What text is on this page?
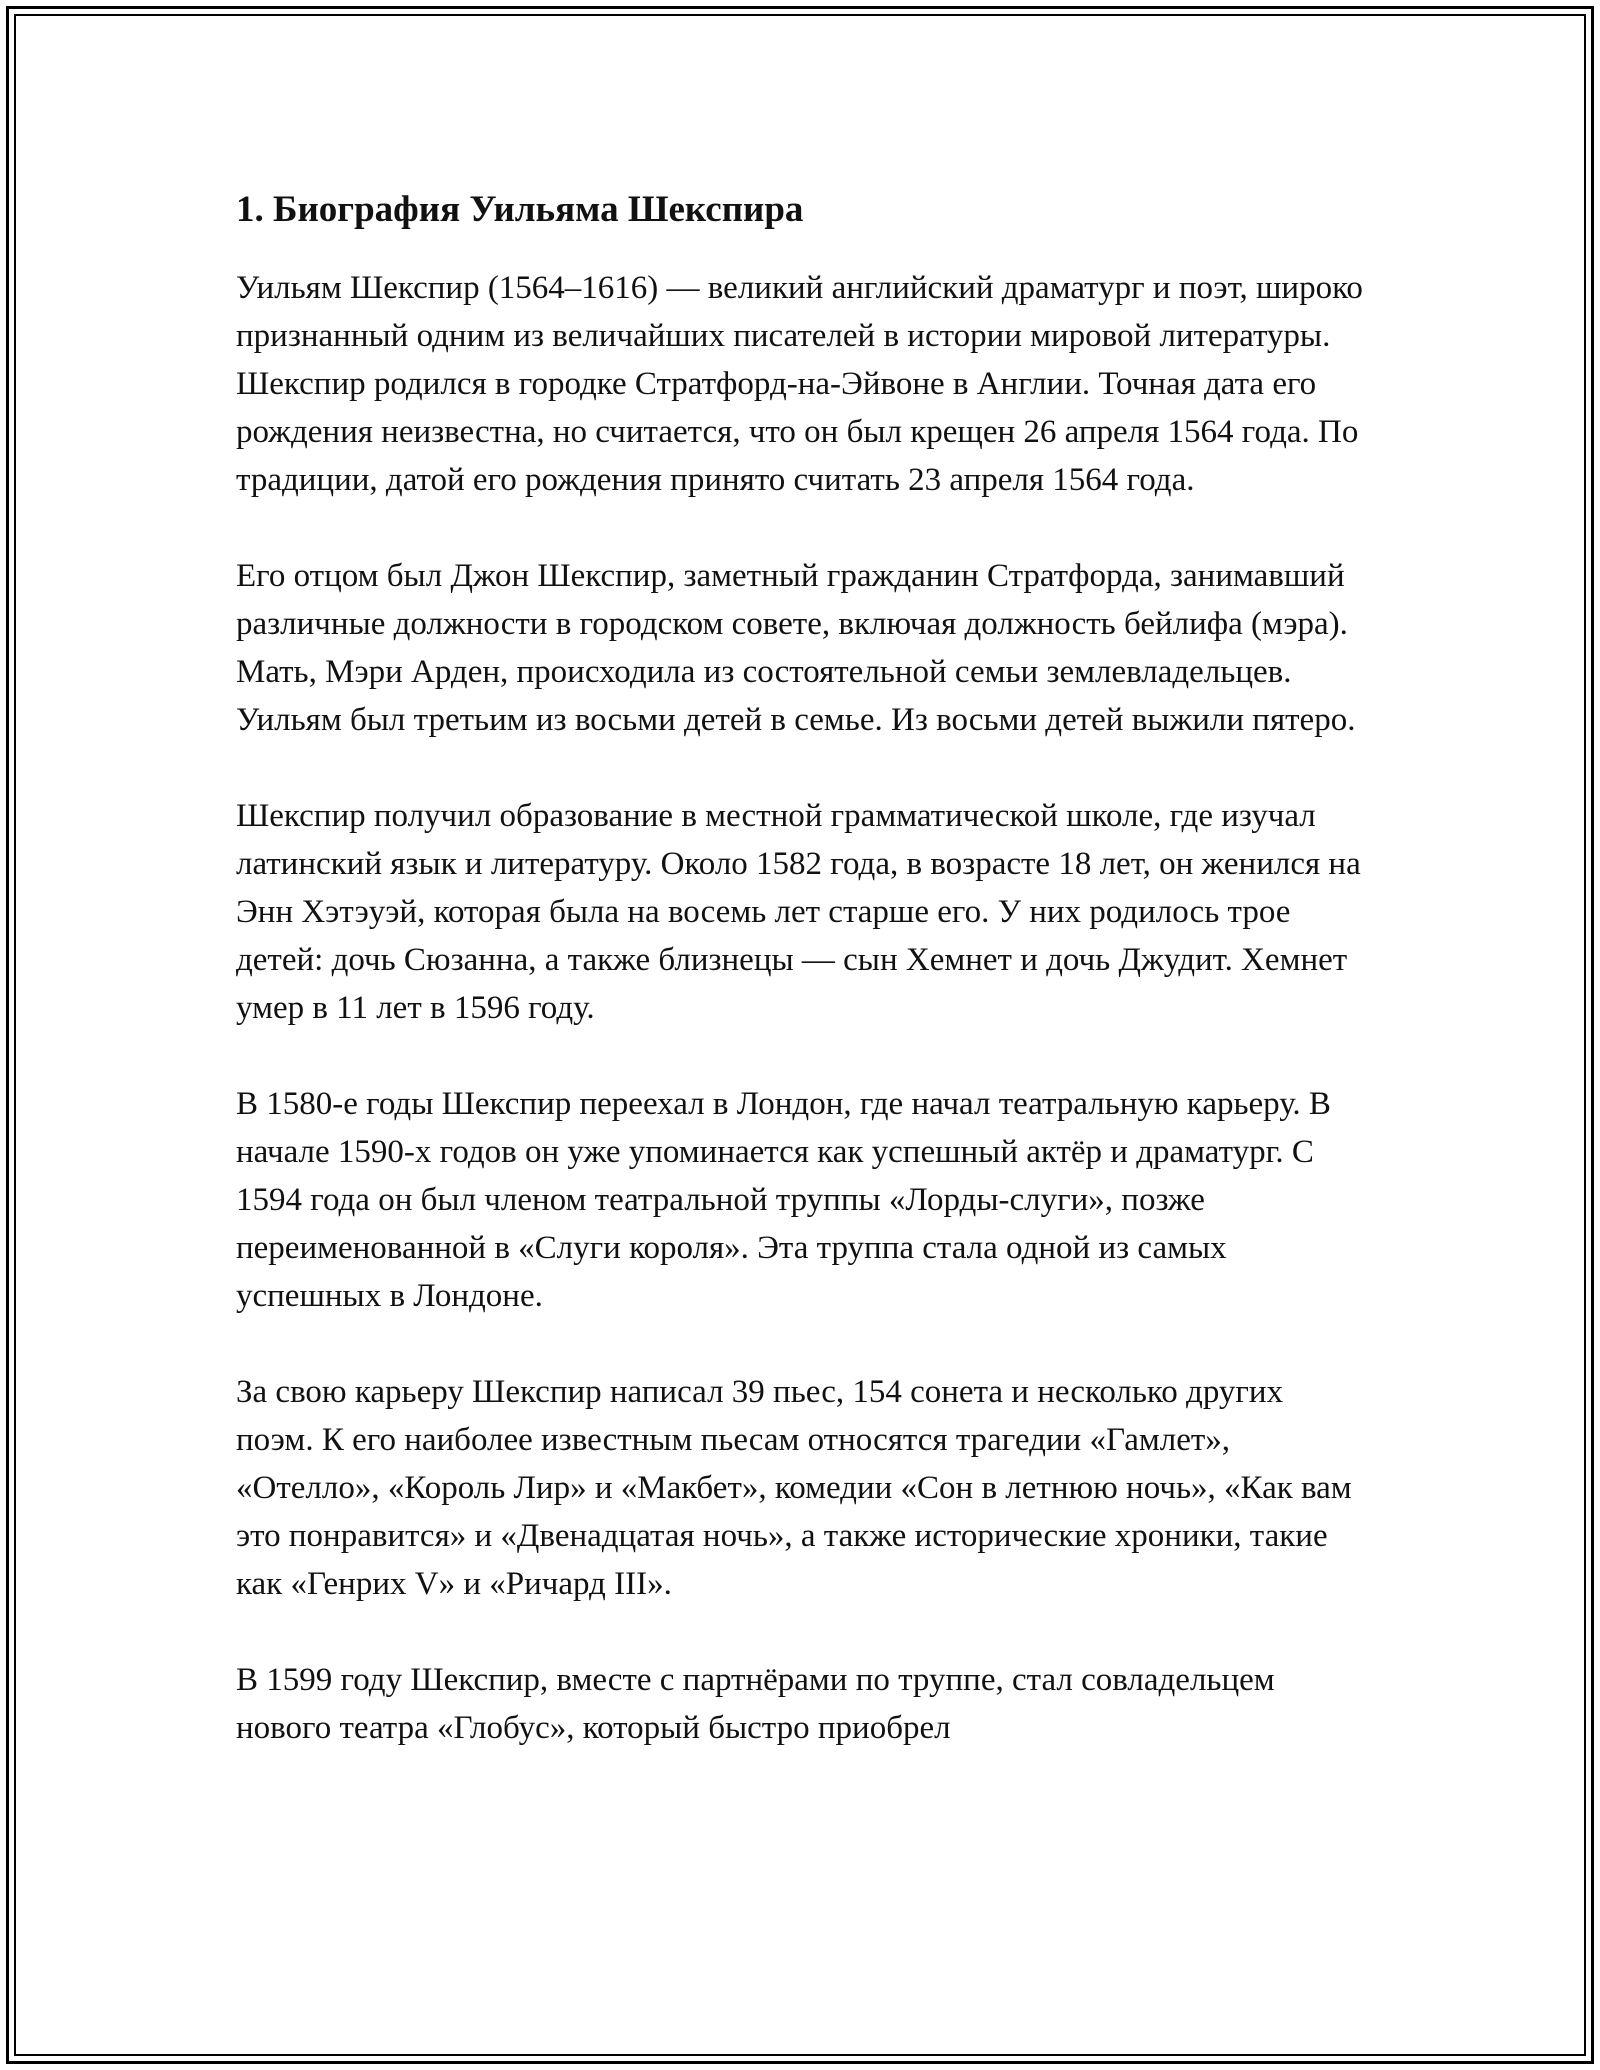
1. Биография Уильяма Шекспира

Уильям Шекспир (1564–1616) — великий английский драматург и поэт, широко признанный одним из величайших писателей в истории мировой литературы. Шекспир родился в городке Стратфорд-на-Эйвоне в Англии. Точная дата его рождения неизвестна, но считается, что он был крещен 26 апреля 1564 года. По традиции, датой его рождения принято считать 23 апреля 1564 года.

Его отцом был Джон Шекспир, заметный гражданин Стратфорда, занимавший различные должности в городском совете, включая должность бейлифа (мэра). Мать, Мэри Арден, происходила из состоятельной семьи землевладельцев. Уильям был третьим из восьми детей в семье. Из восьми детей выжили пятеро.

Шекспир получил образование в местной грамматической школе, где изучал латинский язык и литературу. Около 1582 года, в возрасте 18 лет, он женился на Энн Хэтэуэй, которая была на восемь лет старше его. У них родилось трое детей: дочь Сюзанна, а также близнецы — сын Хемнет и дочь Джудит. Хемнет умер в 11 лет в 1596 году.

В 1580-е годы Шекспир переехал в Лондон, где начал театральную карьеру. В начале 1590-х годов он уже упоминается как успешный актёр и драматург. С 1594 года он был членом театральной труппы «Лорды-слуги», позже переименованной в «Слуги короля». Эта труппа стала одной из самых успешных в Лондоне.

За свою карьеру Шекспир написал 39 пьес, 154 сонета и несколько других поэм. К его наиболее известным пьесам относятся трагедии «Гамлет», «Отелло», «Король Лир» и «Макбет», комедии «Сон в летнюю ночь», «Как вам это понравится» и «Двенадцатая ночь», а также исторические хроники, такие как «Генрих V» и «Ричард III».

В 1599 году Шекспир, вместе с партнёрами по труппе, стал совладельцем нового театра «Глобус», который быстро приобрел
